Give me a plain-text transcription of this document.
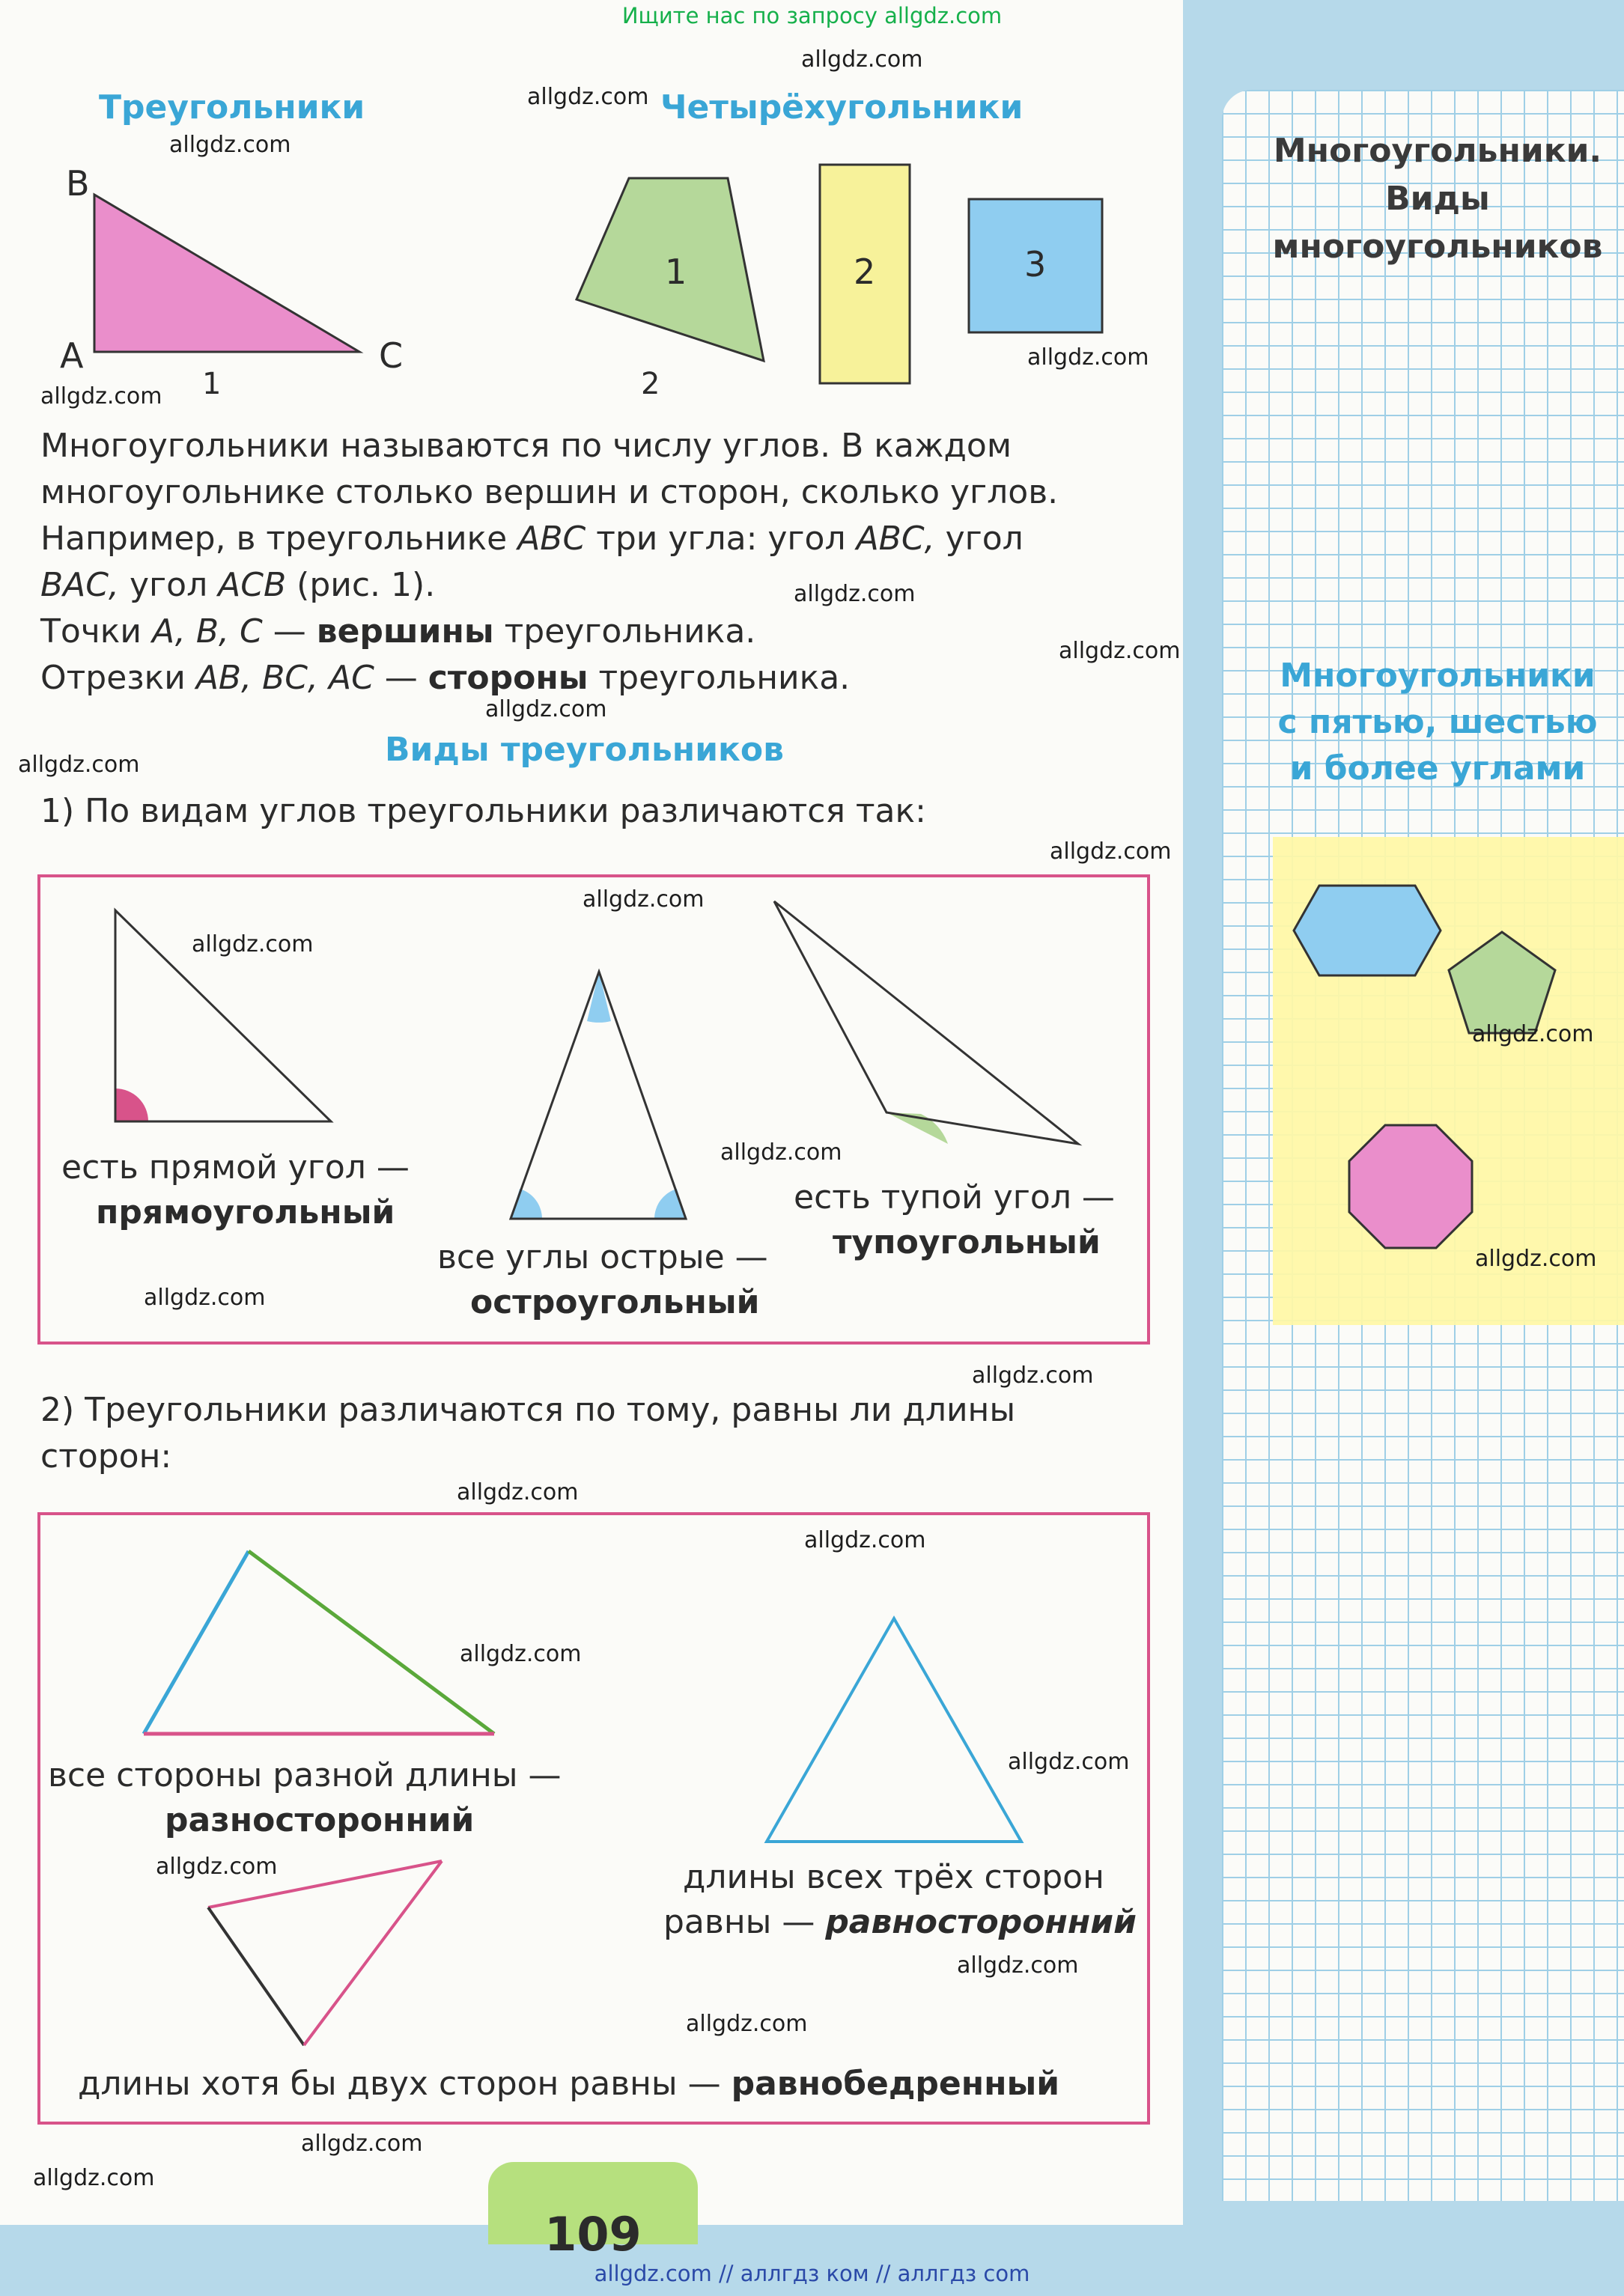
Ищите нас по запросу allgdz.com
Треугольники	Четырёхугольники
B
A	C
1
1	2	3
2
Многоугольники называются по числу углов. В каждом
многоугольнике столько вершин и сторон, сколько углов.
Например, в треугольнике ABC три угла: угол ABC, угол
BAC, угол ACB (рис. 1).
Точки A, B, C — вершины треугольника.
Отрезки AB, BC, AC — стороны треугольника.
Виды треугольников
1) По видам углов треугольники различаются так:
есть прямой угол —
прямоугольный
все углы острые —
остроугольный
есть тупой угол —
тупоугольный
2) Треугольники различаются по тому, равны ли длины
сторон:
все стороны разной длины —
разносторонний
длины всех трёх сторон
равны — равносторонний
длины хотя бы двух сторон равны — равнобедренный
Многоугольники.
Виды
многоугольников
Многоугольники
с пятью, шестью
и более углами
109
allgdz.com // аллгдз ком // аллгдз com
allgdz.com
allgdz.com
allgdz.com
allgdz.com
allgdz.com
allgdz.com
allgdz.com
allgdz.com
allgdz.com
allgdz.com
allgdz.com
allgdz.com
allgdz.com
allgdz.com
allgdz.com
allgdz.com
allgdz.com
allgdz.com
allgdz.com
allgdz.com
allgdz.com
allgdz.com
allgdz.com
allgdz.com
allgdz.com
allgdz.com
